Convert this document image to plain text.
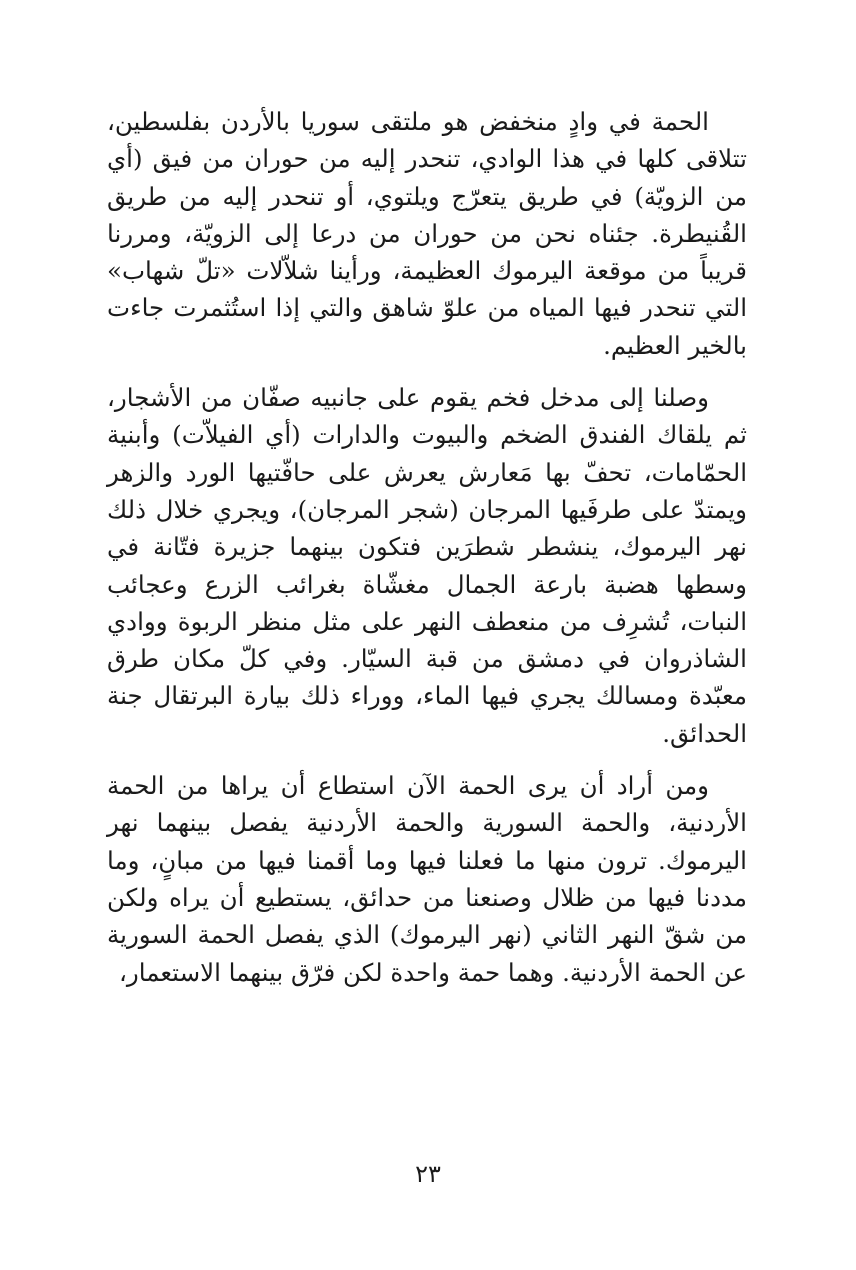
الحمة في وادٍ منخفض هو ملتقى سوريا بالأردن بفلسطين، تتلاقى كلها في هذا الوادي، تنحدر إليه من حوران من فيق (أي من الزويّة) في طريق يتعرّج ويلتوي، أو تنحدر إليه من طريق القُنيطرة. جئناه نحن من حوران من درعا إلى الزويّة، ومررنا قريباً من موقعة اليرموك العظيمة، ورأينا شلاّلات «تلّ شهاب» التي تنحدر فيها المياه من علوّ شاهق والتي إذا استُثمرت جاءت بالخير العظيم.

وصلنا إلى مدخل فخم يقوم على جانبيه صفّان من الأشجار، ثم يلقاك الفندق الضخم والبيوت والدارات (أي الفيلاّت) وأبنية الحمّامات، تحفّ بها مَعارش يعرش على حافّتيها الورد والزهر ويمتدّ على طرفَيها المرجان (شجر المرجان)، ويجري خلال ذلك نهر اليرموك، ينشطر شطرَين فتكون بينهما جزيرة فتّانة في وسطها هضبة بارعة الجمال مغشّاة بغرائب الزرع وعجائب النبات، تُشرِف من منعطف النهر على مثل منظر الربوة ووادي الشاذروان في دمشق من قبة السيّار. وفي كلّ مكان طرق معبّدة ومسالك يجري فيها الماء، ووراء ذلك بيارة البرتقال جنة الحدائق.

ومن أراد أن يرى الحمة الآن استطاع أن يراها من الحمة الأردنية، والحمة السورية والحمة الأردنية يفصل بينهما نهر اليرموك. ترون منها ما فعلنا فيها وما أقمنا فيها من مبانٍ، وما مددنا فيها من ظلال وصنعنا من حدائق، يستطيع أن يراه ولكن من شقّ النهر الثاني (نهر اليرموك) الذي يفصل الحمة السورية عن الحمة الأردنية. وهما حمة واحدة لكن فرّق بينهما الاستعمار،

٢٣
